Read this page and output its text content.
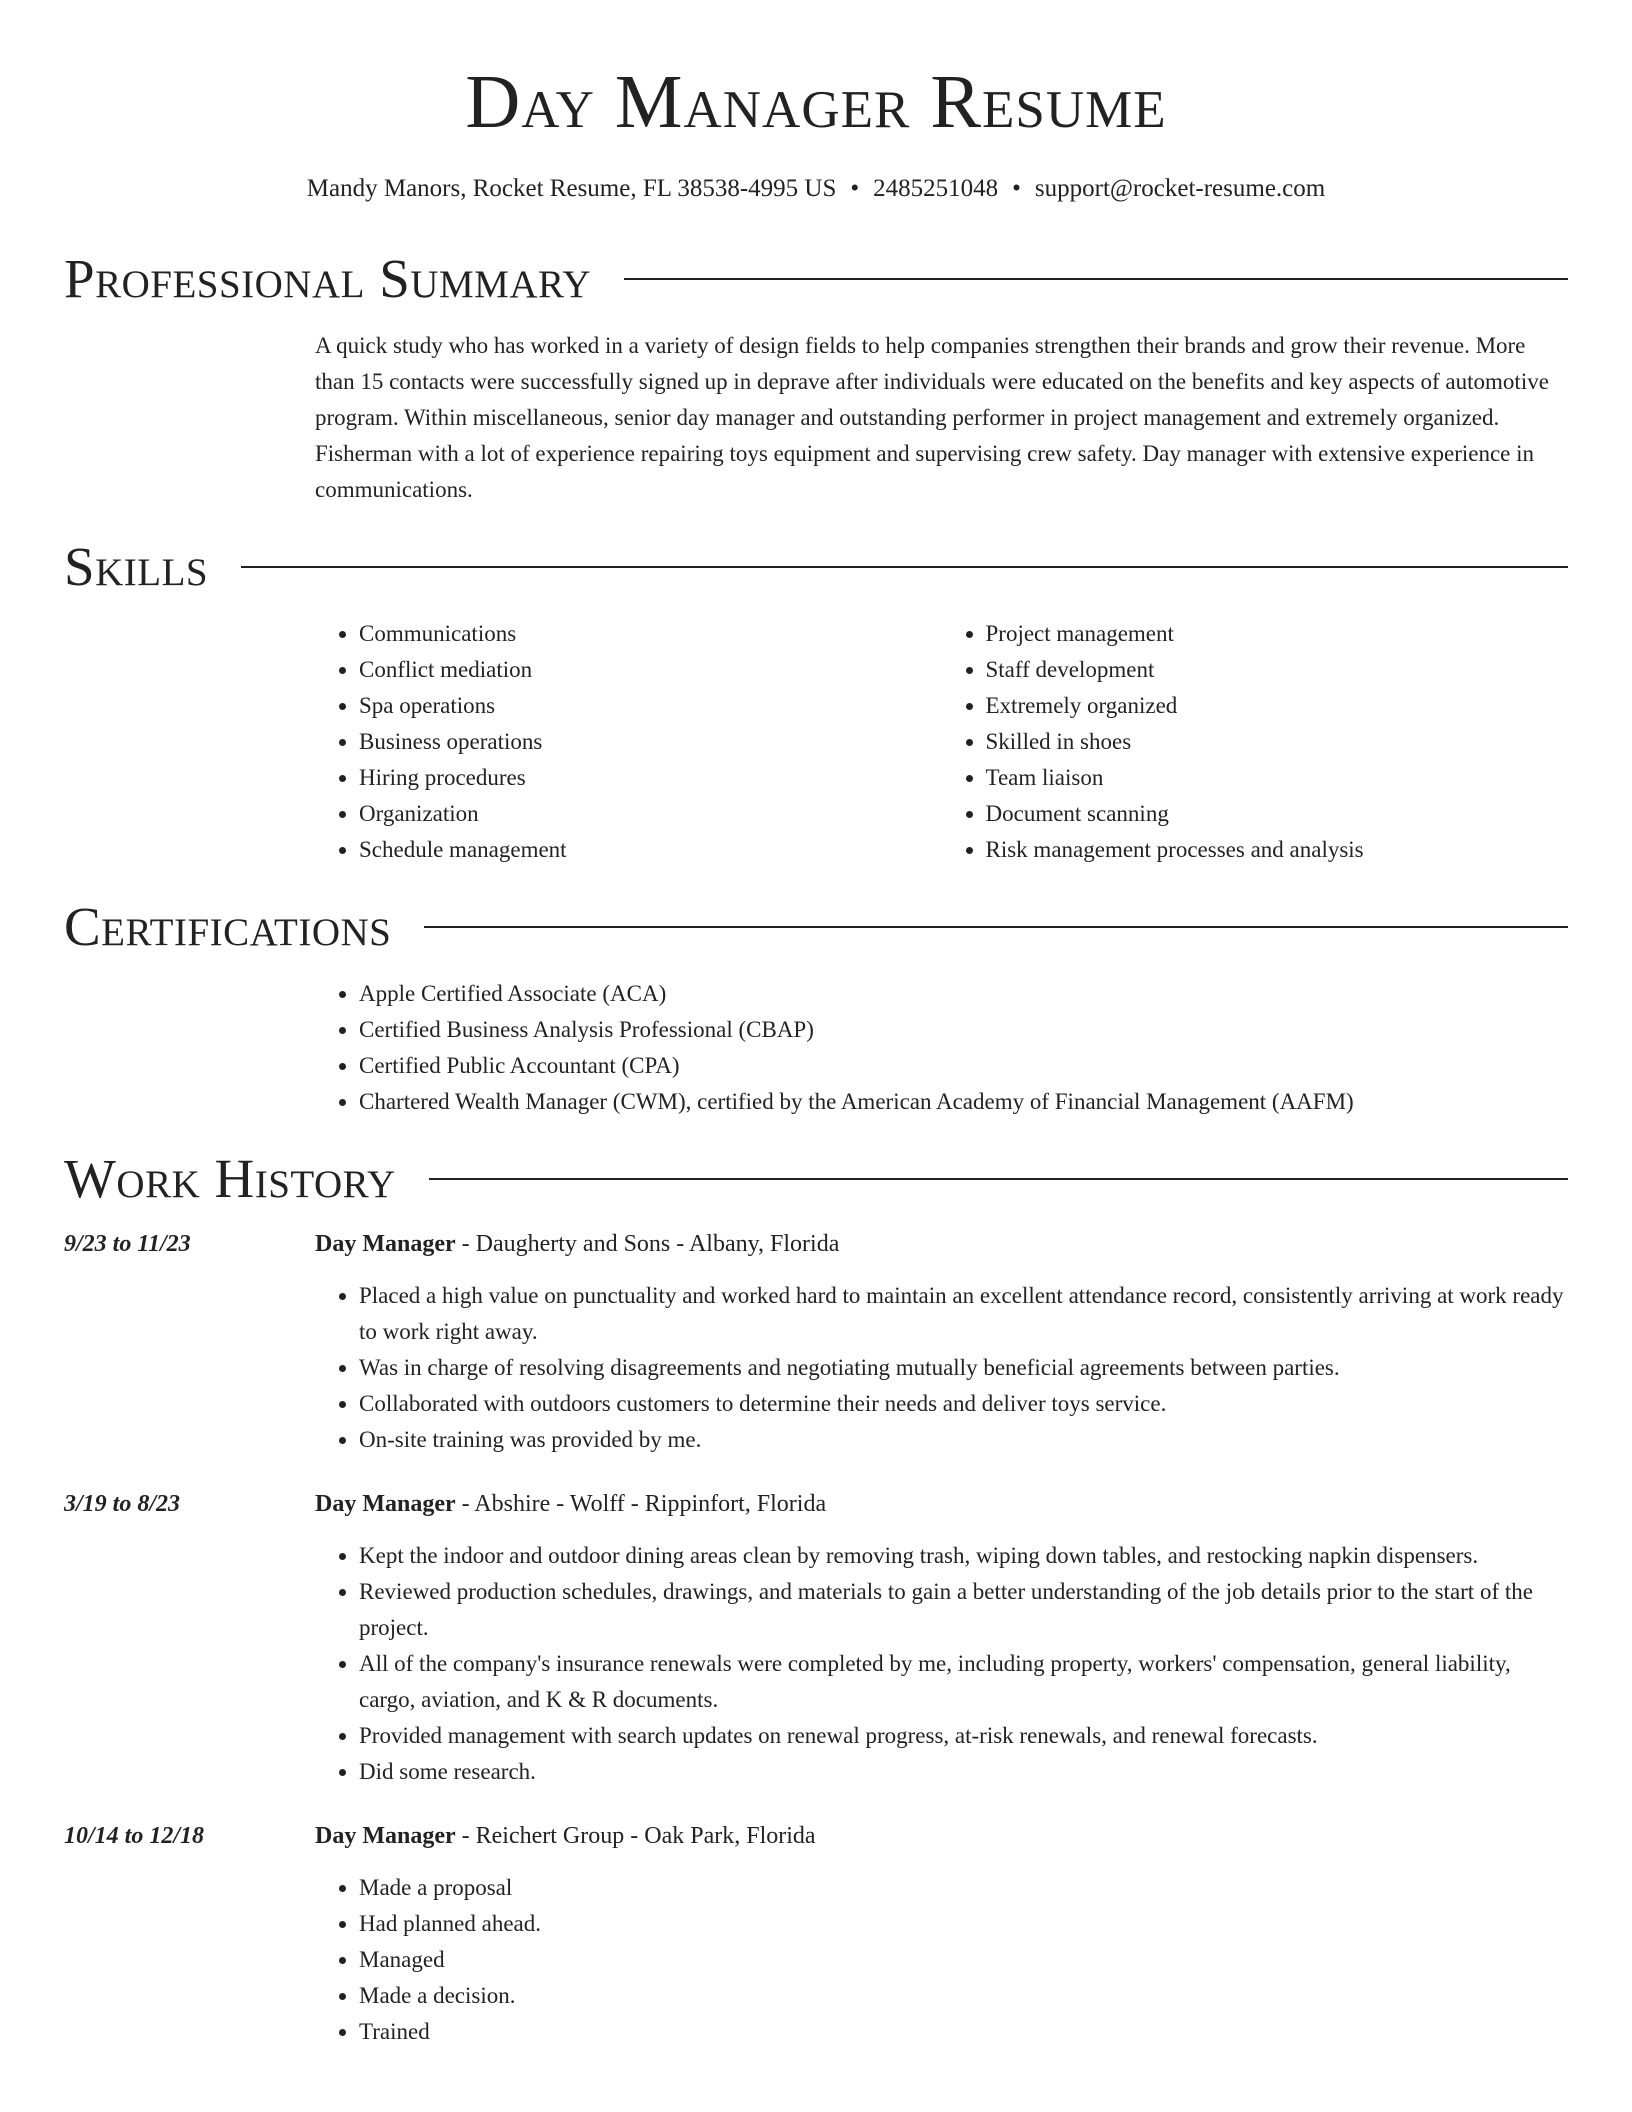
Day Manager Resume
Mandy Manors, Rocket Resume, FL 38538-4995 US • 2485251048 • support@rocket-resume.com
Professional Summary

A quick study who has worked in a variety of design fields to help companies strengthen their brands and grow their revenue. More than 15 contacts were successfully signed up in deprave after individuals were educated on the benefits and key aspects of automotive program. Within miscellaneous, senior day manager and outstanding performer in project management and extremely organized. Fisherman with a lot of experience repairing toys equipment and supervising crew safety. Day manager with extensive experience in communications.

Skills
• Communications
• Conflict mediation
• Spa operations
• Business operations
• Hiring procedures
• Organization
• Schedule management
• Project management
• Staff development
• Extremely organized
• Skilled in shoes
• Team liaison
• Document scanning
• Risk management processes and analysis
Certifications
• Apple Certified Associate (ACA)
• Certified Business Analysis Professional (CBAP)
• Certified Public Accountant (CPA)
• Chartered Wealth Manager (CWM), certified by the American Academy of Financial Management (AAFM)
Work History
9/23 to 11/23	Day Manager - Daugherty and Sons - Albany, Florida
• Placed a high value on punctuality and worked hard to maintain an excellent attendance record, consistently arriving at work ready to work right away.
• Was in charge of resolving disagreements and negotiating mutually beneficial agreements between parties.
• Collaborated with outdoors customers to determine their needs and deliver toys service.
• On-site training was provided by me.
3/19 to 8/23	Day Manager - Abshire - Wolff - Rippinfort, Florida
• Kept the indoor and outdoor dining areas clean by removing trash, wiping down tables, and restocking napkin dispensers.
• Reviewed production schedules, drawings, and materials to gain a better understanding of the job details prior to the start of the project.
• All of the company's insurance renewals were completed by me, including property, workers' compensation, general liability, cargo, aviation, and K & R documents.
• Provided management with search updates on renewal progress, at-risk renewals, and renewal forecasts.
• Did some research.
10/14 to 12/18	Day Manager - Reichert Group - Oak Park, Florida
• Made a proposal
• Had planned ahead.
• Managed
• Made a decision.
• Trained
